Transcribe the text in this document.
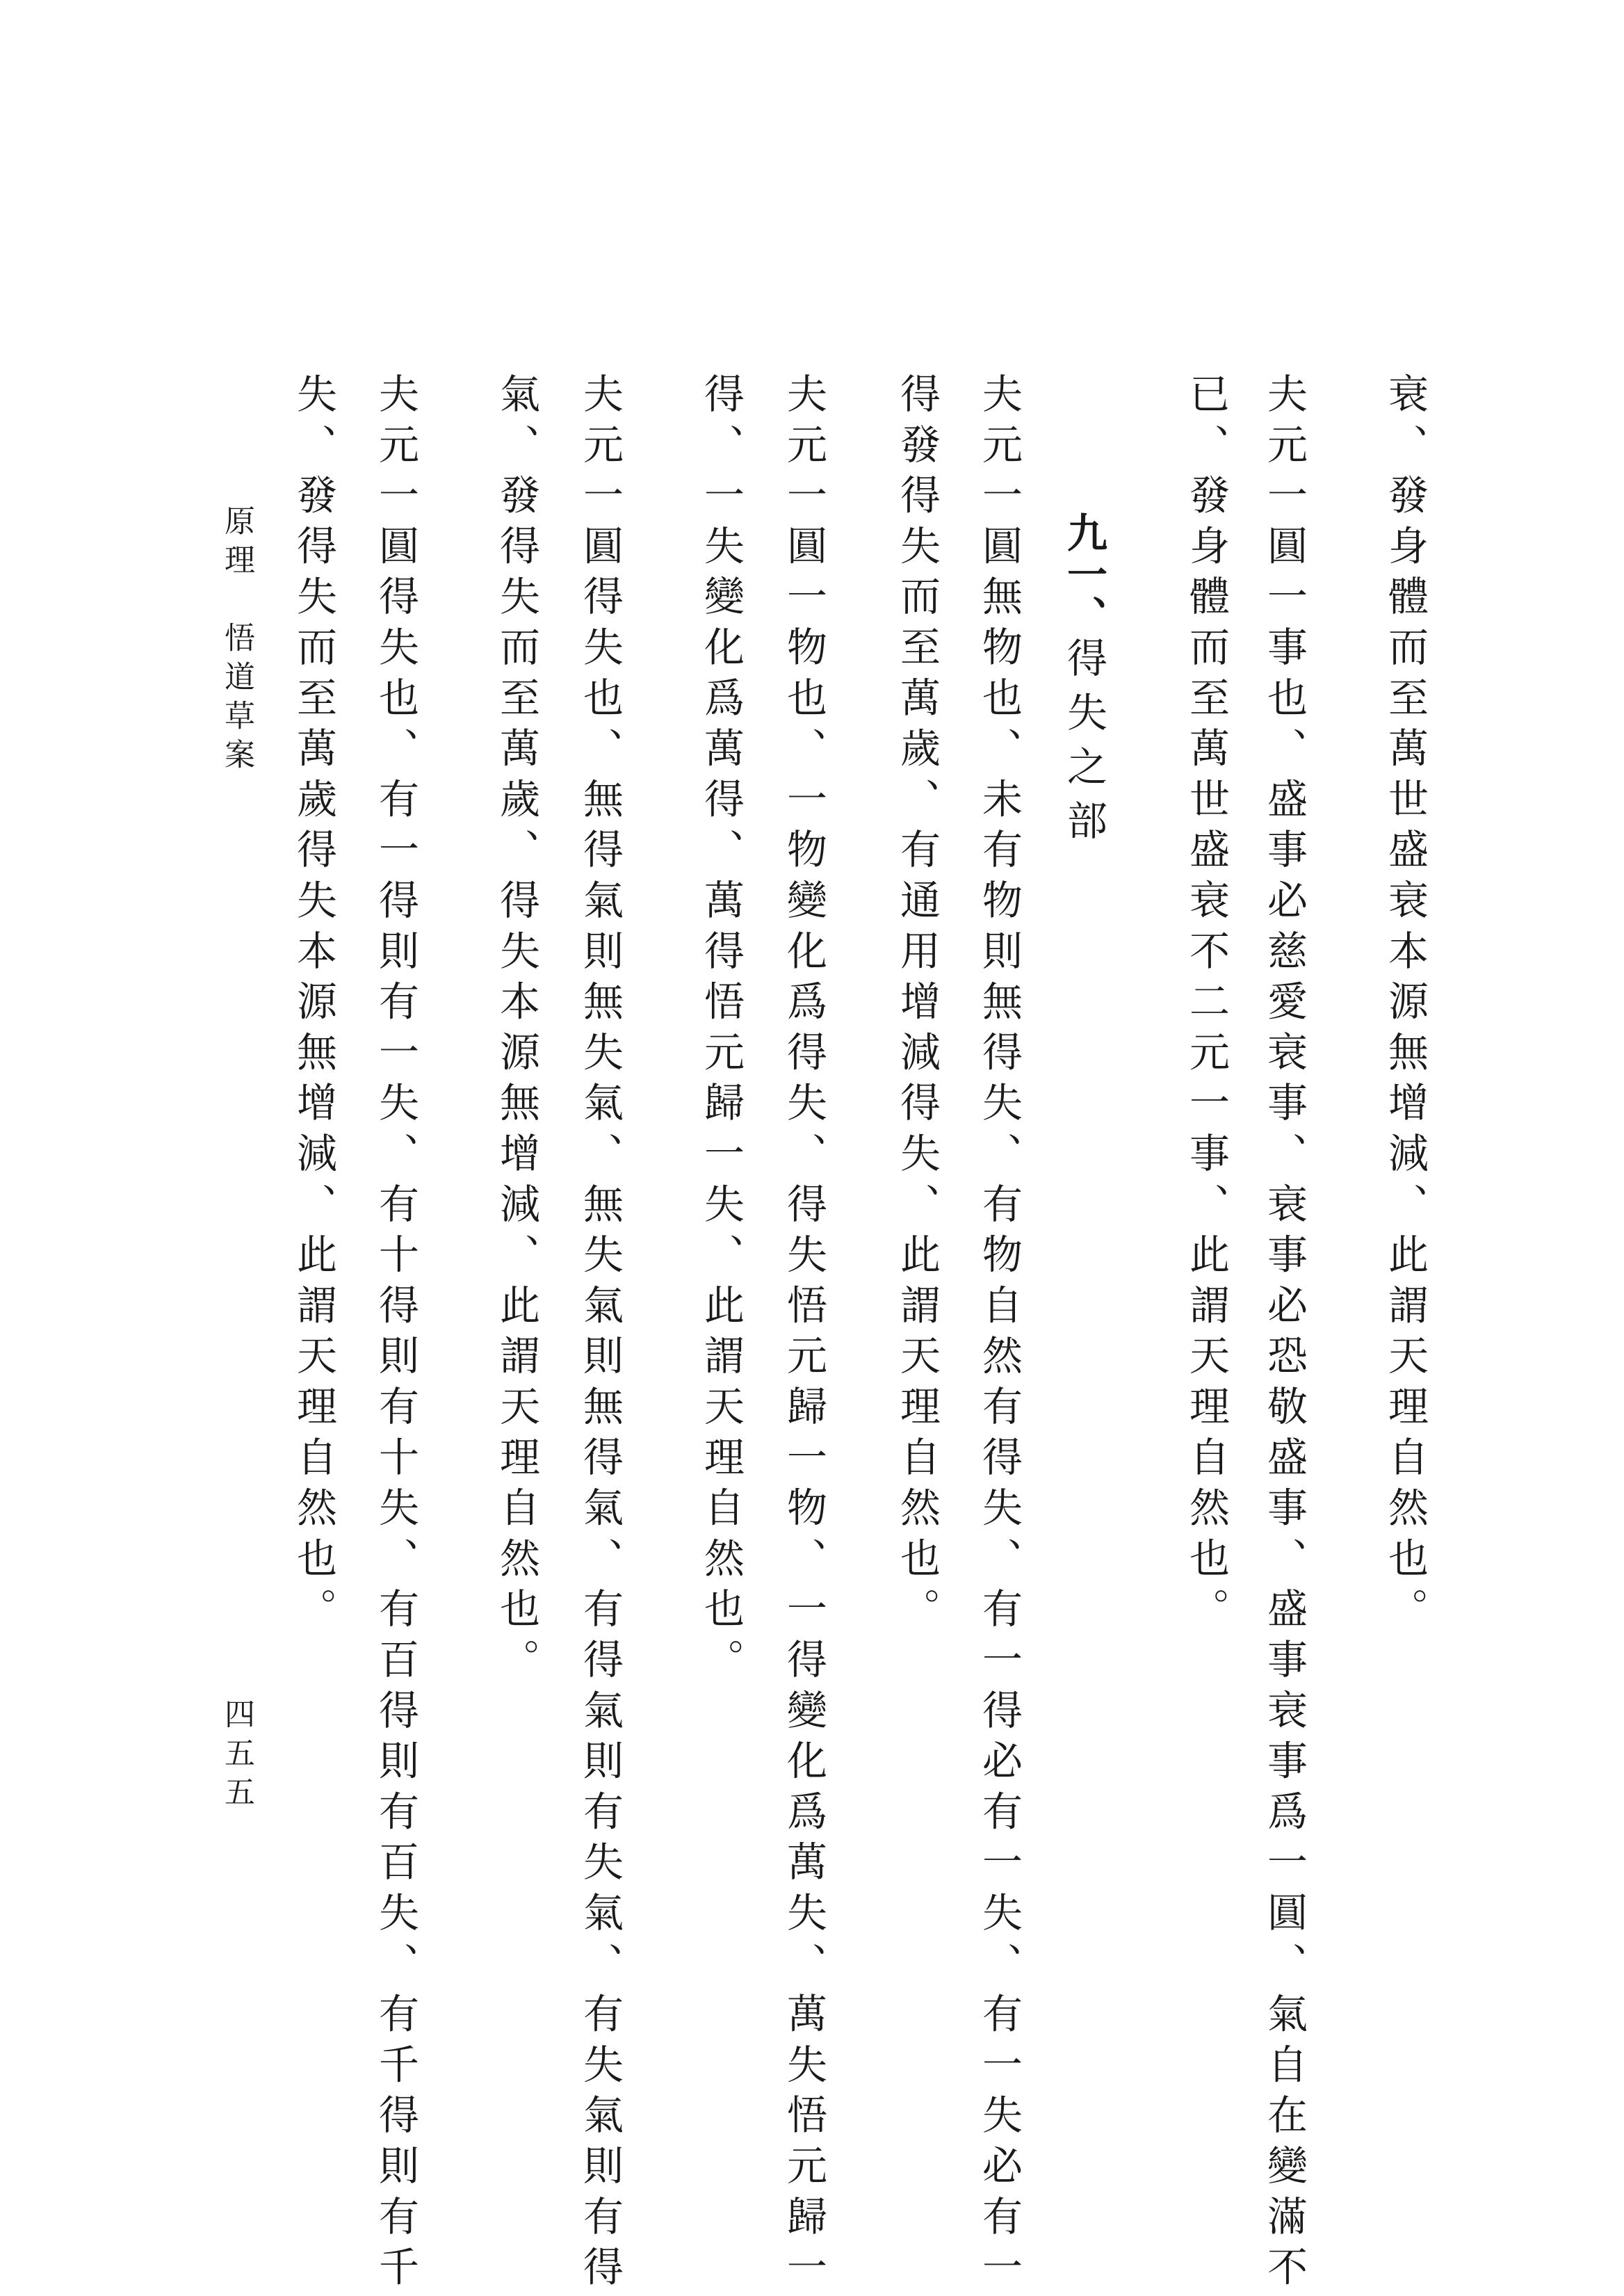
衰、發身體而至萬世盛衰本源無增減、此謂天理自然也。
夫元一圓一事也、盛事必慈愛衰事、衰事必恐敬盛事、盛事衰事爲一圓、氣自在變滿不
已、發身體而至萬世盛衰不二元一事、此謂天理自然也。
九一、得失之部
夫元一圓無物也、未有物則無得失、有物自然有得失、有一得必有一失、有一失必有一
得發得失而至萬歲、有通用增減得失、此謂天理自然也。
夫元一圓一物也、一物變化爲得失、得失悟元歸一物、一得變化爲萬失、萬失悟元歸一
得、一失變化爲萬得、萬得悟元歸一失、此謂天理自然也。
夫元一圓得失也、無得氣則無失氣、無失氣則無得氣、有得氣則有失氣、有失氣則有得
氣、發得失而至萬歲、得失本源無增減、此謂天理自然也。
夫元一圓得失也、有一得則有一失、有十得則有十失、有百得則有百失、有千得則有千
失、發得失而至萬歲得失本源無增減、此謂天理自然也。
原理　悟道草案
四五五
